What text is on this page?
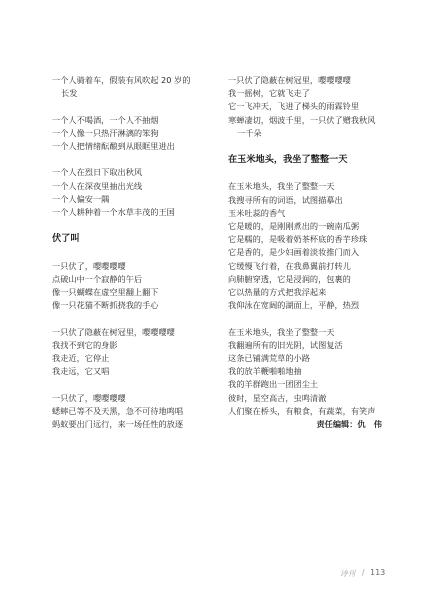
一个人骑着车，假装有风吹起 20 岁的
长发
一个人不喝酒，一个人不抽烟
一个人像一只热汗淋漓的笨狗
一个人把情绪酝酿到从眼眶里进出
一个人在烈日下取出秋风
一个人在深夜里抽出光线
一个人偏安一隅
一个人耕种着一个水草丰茂的王国
伏了叫
一只伏了，嘤嘤嘤嘤
点破山中一个寂静的午后
像一只蝴蝶在虚空里翻上翻下
像一只花猫不断抓挠我的手心
一只伏了隐蔽在树冠里，嘤嘤嘤嘤
我找不到它的身影
我走近，它停止
我走远，它又唱
一只伏了，嘤嘤嘤嘤
蟋蟀已等不及天黑，急不可待地鸣唱
蚂蚁要出门远行，来一场任性的放逐
一只伏了隐蔽在树冠里，嘤嘤嘤嘤
我一摇树，它就飞走了
它一飞冲天，飞进了梯头的雨霖铃里
寒蝉凄切，烟波千里，一只伏了赠我秋风
一千朵
在玉米地头，我坐了整整一天
在玉米地头，我坐了整整一天
我搜寻所有的词语，试图描摹出
玉米吐蕊的香气
它是暖的，是刚刚煮出的一碗南瓜粥
它是糯的，是吸着奶茶杯底的香芋珍珠
它是香的，是少妇画着淡妆推门而入
它缓慢飞行着，在我鼻翼前打转儿
向肺腑穿透，它是浸润的，包裹的
它以热量的方式把我浮起来
我仰泳在宽阔的湖面上，平静，热烈
在玉米地头，我坐了整整一天
我翻遍所有的旧光阴，试图复活
这条已铺满荒草的小路
我的放羊鞭啪啪地抽
我的羊群跑出一团团尘土
彼时，星空高古，虫鸣清澈
人们聚在桥头，有粮食，有蔬菜，有笑声
责任编辑：仇　伟
诗刊 / 113
